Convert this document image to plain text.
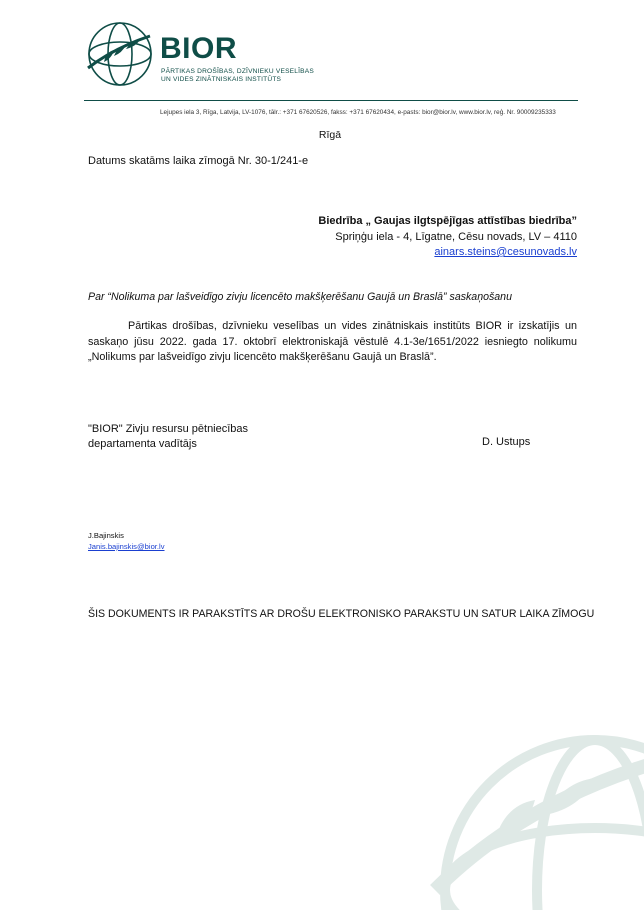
BIOR
PĀRTIKAS DROŠĪBAS, DZĪVNIEKU VESELĪBAS
UN VIDES ZINĀTNISKAIS INSTITŪTS
Lejupes iela 3, Rīga, Latvija, LV-1076, tālr.: +371 67620526, fakss: +371 67620434, e-pasts: bior@bior.lv, www.bior.lv, reģ. Nr. 90009235333
Rīgā
Datums skatāms laika zīmogā Nr. 30-1/241-e
Biedrība „ Gaujas ilgtspējīgas attīstības biedrība”
Spriņģu iela - 4, Līgatne, Cēsu novads, LV – 4110
ainars.steins@cesunovads.lv
Par “Nolikuma par lašveidīgo zivju licencēto makšķerēšanu Gaujā un Braslā” saskaņošanu
Pārtikas drošības, dzīvnieku veselības un vides zinātniskais institūts BIOR ir izskatījis un saskaņo jūsu 2022. gada 17. oktobrī elektroniskajā vēstulē 4.1-3e/1651/2022 iesniegto nolikumu „Nolikums par lašveidīgo zivju licencēto makšķerēšanu Gaujā un Braslā”.
"BIOR" Zivju resursu pētniecības
departamenta vadītājs	D. Ustups
J.Bajinskis
Janis.bajinskis@bior.lv
ŠIS DOKUMENTS IR PARAKSTĪTS AR DROŠU ELEKTRONISKO PARAKSTU UN SATUR LAIKA ZĪMOGU
